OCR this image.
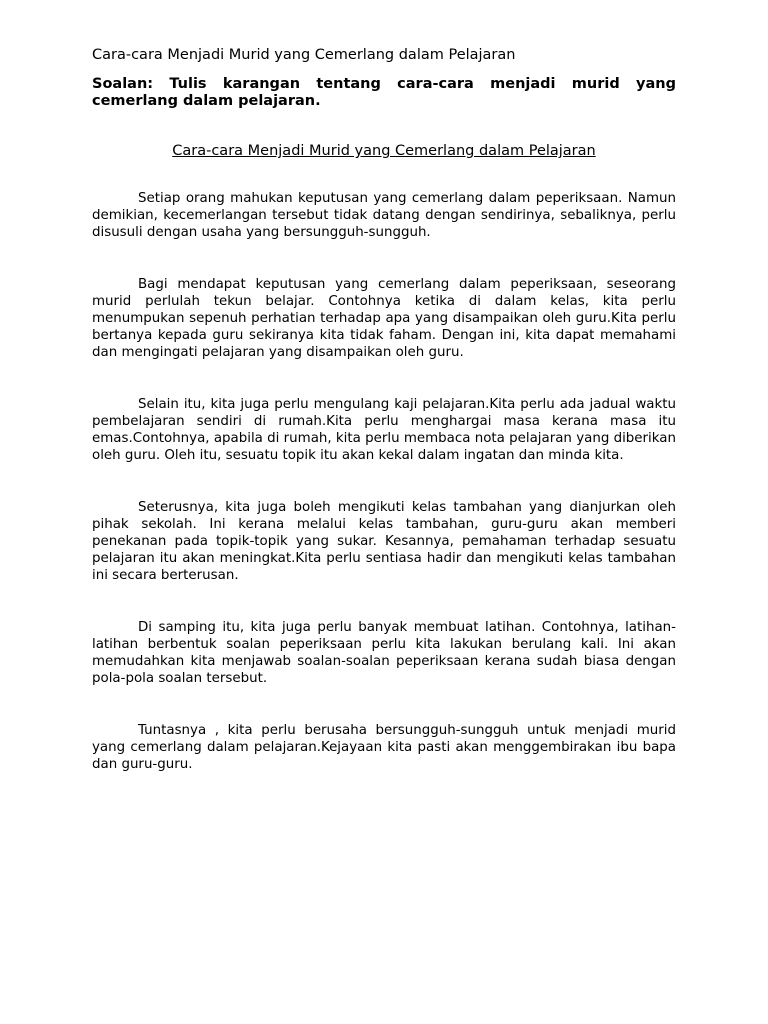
Cara-cara Menjadi Murid yang Cemerlang dalam Pelajaran
Soalan: Tulis karangan tentang cara-cara menjadi murid yang cemerlang dalam pelajaran.
Cara-cara Menjadi Murid yang Cemerlang dalam Pelajaran

Setiap orang mahukan keputusan yang cemerlang dalam peperiksaan. Namun demikian, kecemerlangan tersebut tidak datang dengan sendirinya, sebaliknya, perlu disusuli dengan usaha yang bersungguh-sungguh.

Bagi mendapat keputusan yang cemerlang dalam peperiksaan, seseorang murid perlulah tekun belajar. Contohnya ketika di dalam kelas, kita perlu menumpukan sepenuh perhatian terhadap apa yang disampaikan oleh guru.Kita perlu bertanya kepada guru sekiranya kita tidak faham. Dengan ini, kita dapat memahami dan mengingati pelajaran yang disampaikan oleh guru.

Selain itu, kita juga perlu mengulang kaji pelajaran.Kita perlu ada jadual waktu pembelajaran sendiri di rumah.Kita perlu menghargai masa kerana masa itu emas.Contohnya, apabila di rumah, kita perlu membaca nota pelajaran yang diberikan oleh guru. Oleh itu, sesuatu topik itu akan kekal dalam ingatan dan minda kita.

Seterusnya, kita juga boleh mengikuti kelas tambahan yang dianjurkan oleh pihak sekolah. Ini kerana melalui kelas tambahan, guru-guru akan memberi penekanan pada topik-topik yang sukar. Kesannya, pemahaman terhadap sesuatu pelajaran itu akan meningkat.Kita perlu sentiasa hadir dan mengikuti kelas tambahan ini secara berterusan.

Di samping itu, kita juga perlu banyak membuat latihan. Contohnya, latihan-latihan berbentuk soalan peperiksaan perlu kita lakukan berulang kali. Ini akan memudahkan kita menjawab soalan-soalan peperiksaan kerana sudah biasa dengan pola-pola soalan tersebut.

Tuntasnya , kita perlu berusaha bersungguh-sungguh untuk menjadi murid yang cemerlang dalam pelajaran.Kejayaan kita pasti akan menggembirakan ibu bapa dan guru-guru.
